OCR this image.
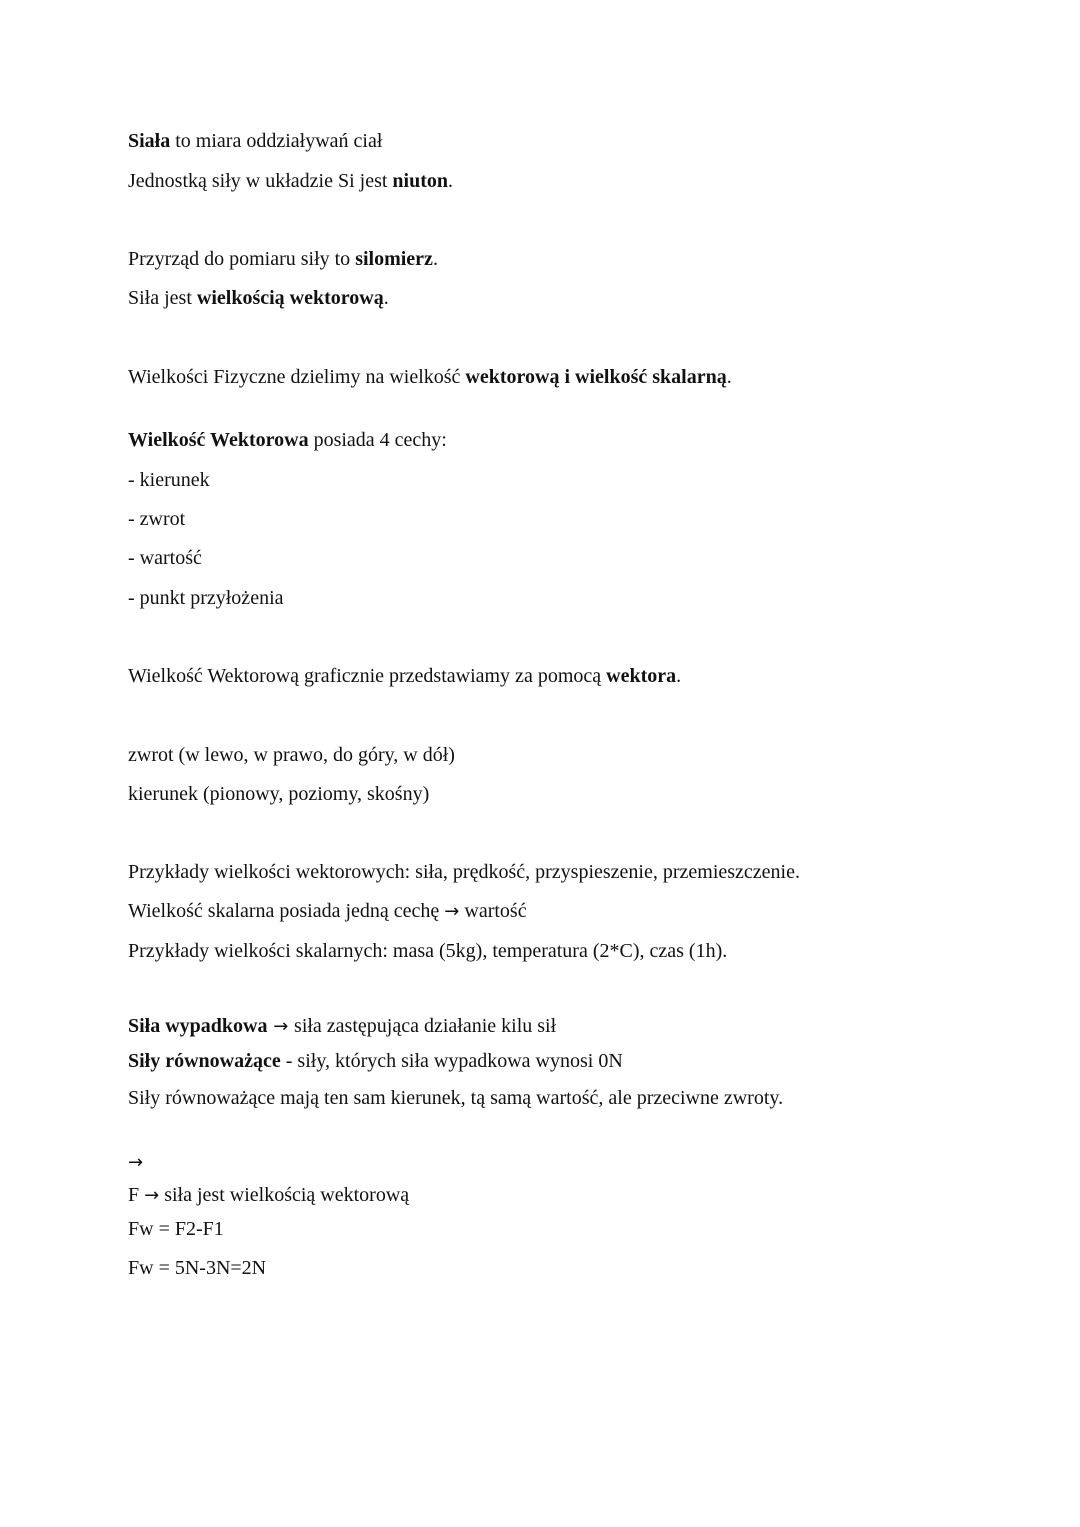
Siała to miara oddziaływań ciał
Jednostką siły w układzie Si jest niuton.
Przyrząd do pomiaru siły to silomierz.
Siła jest wielkością wektorową.
Wielkości Fizyczne dzielimy na wielkość wektorową i wielkość skalarną.
Wielkość Wektorowa posiada 4 cechy:
- kierunek
- zwrot
- wartość
- punkt przyłożenia
Wielkość Wektorową graficznie przedstawiamy za pomocą wektora.
zwrot (w lewo, w prawo, do góry, w dół)
kierunek (pionowy, poziomy, skośny)
Przykłady wielkości wektorowych: siła, prędkość, przyspieszenie, przemieszczenie.
Wielkość skalarna posiada jedną cechę → wartość
Przykłady wielkości skalarnych: masa (5kg), temperatura (2*C), czas (1h).
Siła wypadkowa → siła zastępująca działanie kilu sił
Siły równoważące - siły, których siła wypadkowa wynosi 0N
Siły równoważące mają ten sam kierunek, tą samą wartość, ale przeciwne zwroty.
→
F → siła jest wielkością wektorową
Fw = F2-F1
Fw = 5N-3N=2N
